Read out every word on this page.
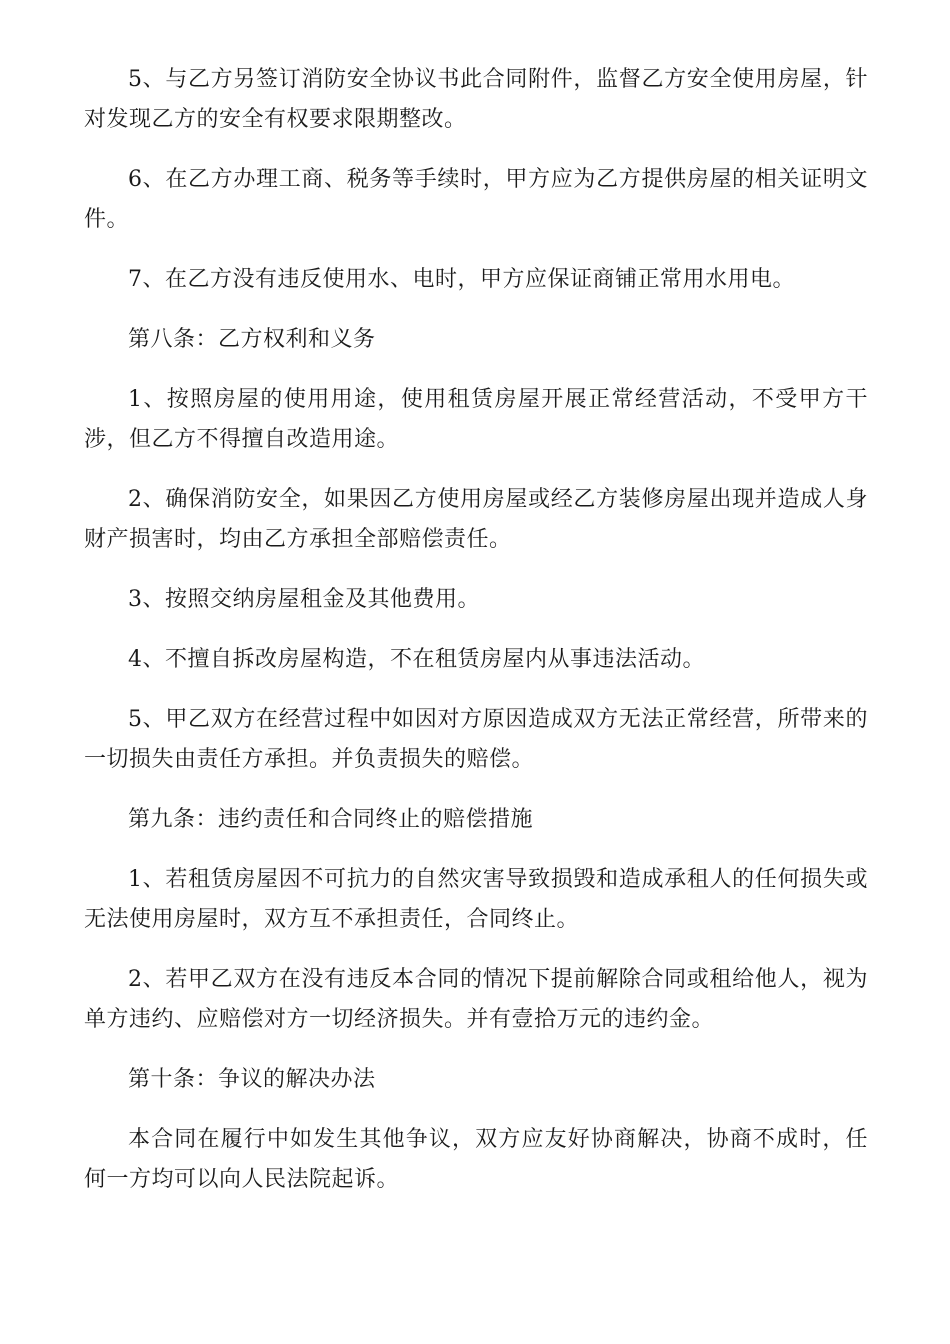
5、与乙方另签订消防安全协议书此合同附件，监督乙方安全使用房屋，针对发现乙方的安全有权要求限期整改。

6、在乙方办理工商、税务等手续时，甲方应为乙方提供房屋的相关证明文件。

7、在乙方没有违反使用水、电时，甲方应保证商铺正常用水用电。

第八条：乙方权利和义务

1、按照房屋的使用用途，使用租赁房屋开展正常经营活动，不受甲方干涉，但乙方不得擅自改造用途。

2、确保消防安全，如果因乙方使用房屋或经乙方装修房屋出现并造成人身财产损害时，均由乙方承担全部赔偿责任。

3、按照交纳房屋租金及其他费用。

4、不擅自拆改房屋构造，不在租赁房屋内从事违法活动。

5、甲乙双方在经营过程中如因对方原因造成双方无法正常经营，所带来的一切损失由责任方承担。并负责损失的赔偿。

第九条：违约责任和合同终止的赔偿措施

1、若租赁房屋因不可抗力的自然灾害导致损毁和造成承租人的任何损失或无法使用房屋时，双方互不承担责任，合同终止。

2、若甲乙双方在没有违反本合同的情况下提前解除合同或租给他人，视为单方违约、应赔偿对方一切经济损失。并有壹拾万元的违约金。

第十条：争议的解决办法

本合同在履行中如发生其他争议，双方应友好协商解决，协商不成时，任何一方均可以向人民法院起诉。
